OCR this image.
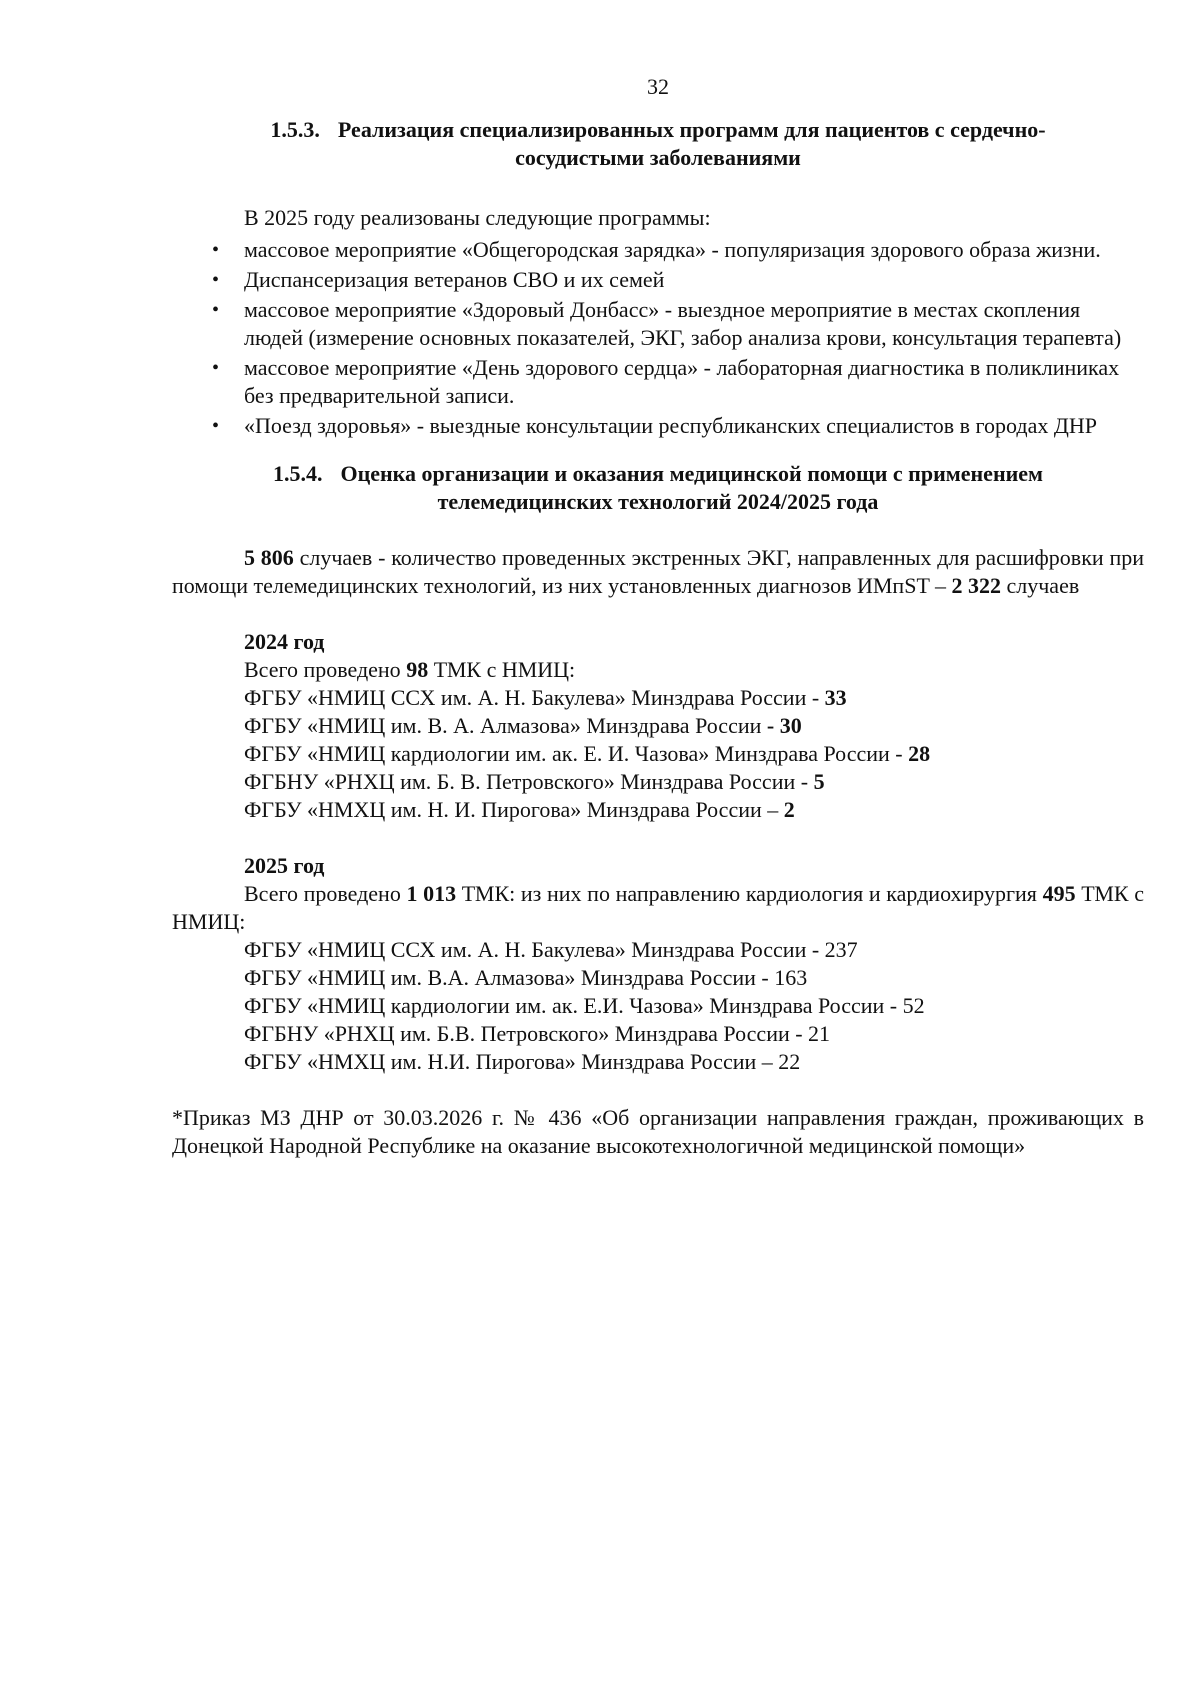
32

1.5.3. Реализация специализированных программ для пациентов с сердечно-сосудистыми заболеваниями

В 2025 году реализованы следующие программы:
• массовое мероприятие «Общегородская зарядка» - популяризация здорового образа жизни.
• Диспансеризация ветеранов СВО и их семей
• массовое мероприятие «Здоровый Донбасс» - выездное мероприятие в местах скопления людей (измерение основных показателей, ЭКГ, забор анализа крови, консультация терапевта)
• массовое мероприятие «День здорового сердца» - лабораторная диагностика в поликлиниках без предварительной записи.
• «Поезд здоровья» - выездные консультации республиканских специалистов в городах ДНР

1.5.4. Оценка организации и оказания медицинской помощи с применением телемедицинских технологий 2024/2025 года

5 806 случаев - количество проведенных экстренных ЭКГ, направленных для расшифровки при помощи телемедицинских технологий, из них установленных диагнозов ИМпST – 2 322 случаев
2024 год
Всего проведено 98 ТМК с НМИЦ:
ФГБУ «НМИЦ ССХ им. А. Н. Бакулева» Минздрава России - 33
ФГБУ «НМИЦ им. В. А. Алмазова» Минздрава России - 30
ФГБУ «НМИЦ кардиологии им. ак. Е. И. Чазова» Минздрава России - 28
ФГБНУ «РНХЦ им. Б. В. Петровского» Минздрава России - 5
ФГБУ «НМХЦ им. Н. И. Пирогова» Минздрава России – 2
2025 год
Всего проведено 1 013 ТМК: из них по направлению кардиология и кардиохирургия 495 ТМК с НМИЦ:
ФГБУ «НМИЦ ССХ им. А. Н. Бакулева» Минздрава России - 237
ФГБУ «НМИЦ им. В.А. Алмазова» Минздрава России - 163
ФГБУ «НМИЦ кардиологии им. ак. Е.И. Чазова» Минздрава России - 52
ФГБНУ «РНХЦ им. Б.В. Петровского» Минздрава России - 21
ФГБУ «НМХЦ им. Н.И. Пирогова» Минздрава России – 22
*Приказ МЗ ДНР от 30.03.2026 г. № 436 «Об организации направления граждан, проживающих в Донецкой Народной Республике на оказание высокотехнологичной медицинской помощи»
